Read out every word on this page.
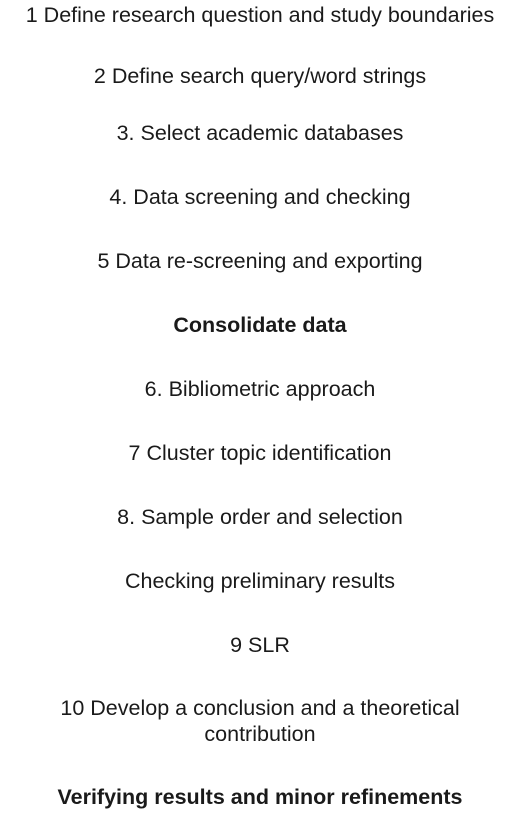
1 Define research question and study boundaries
2 Define search query/word strings
3. Select academic databases
4. Data screening and checking
5 Data re-screening and exporting
Consolidate data
6. Bibliometric approach
7 Cluster topic identification
8. Sample order and selection
Checking preliminary results
9 SLR
10 Develop a conclusion and a theoretical contribution
Verifying results and minor refinements
